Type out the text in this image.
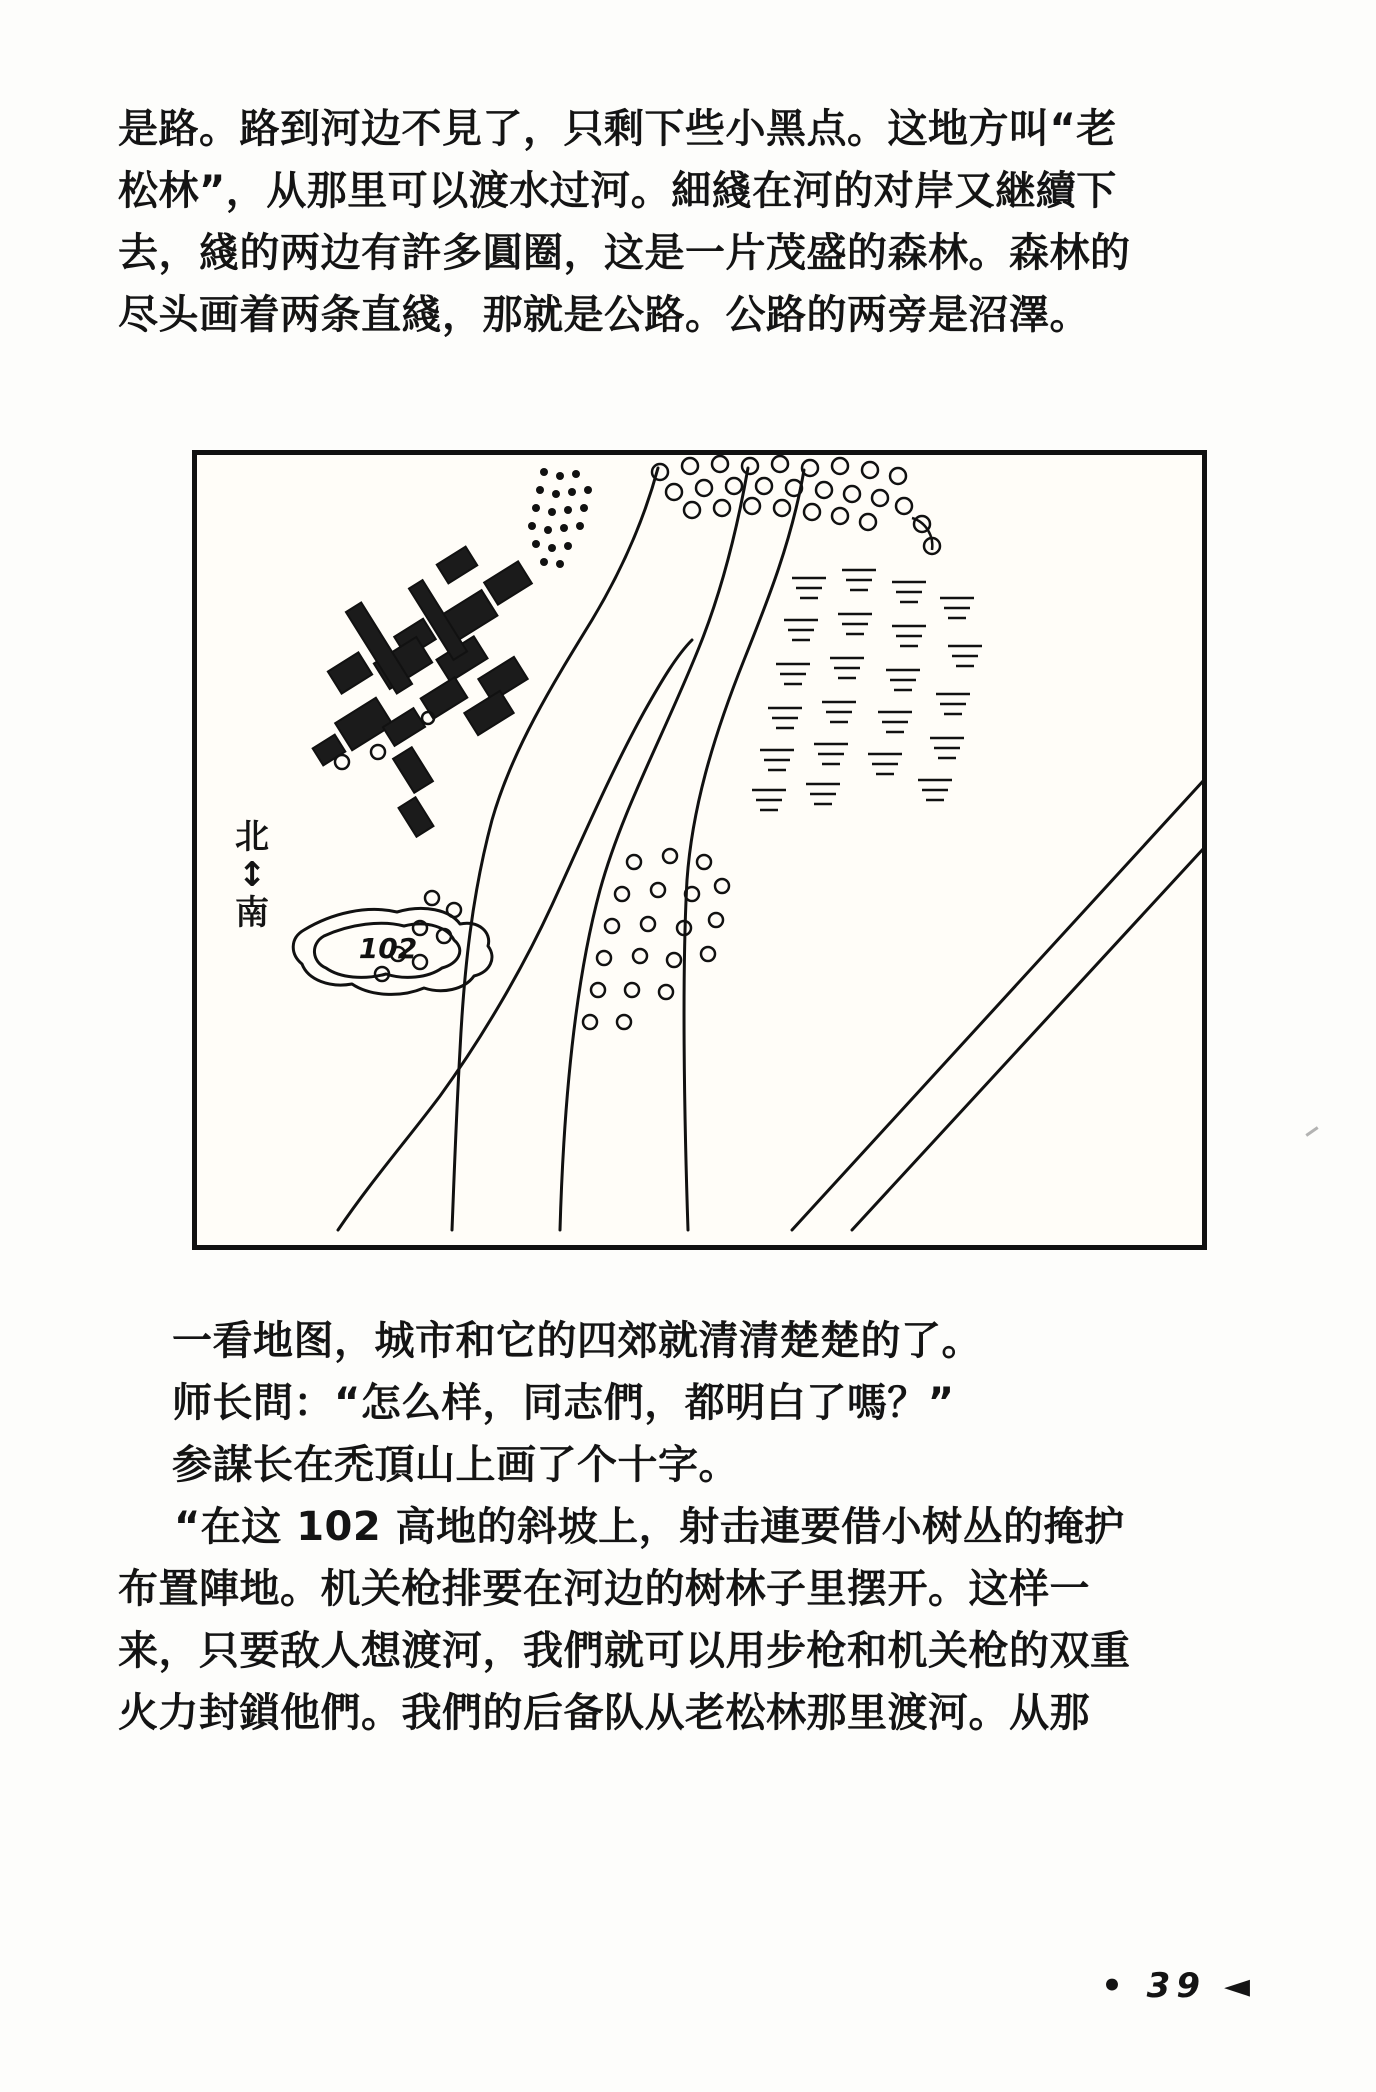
是路。路到河边不見了，只剩下些小黑点。这地方叫“老
松林”，从那里可以渡水过河。細綫在河的对岸又継續下
去，綫的两边有許多圓圈，这是一片茂盛的森林。森林的
尽头画着两条直綫，那就是公路。公路的两旁是沼澤。
102
北
↕
南
一看地图，城市和它的四郊就清清楚楚的了。
师长問：“怎么样，同志們，都明白了嗎？”
参謀长在禿頂山上画了个十字。
“在这 102 高地的斜坡上，射击連要借小树丛的掩护
布置陣地。机关枪排要在河边的树林子里摆开。这样一
来，只要敌人想渡河，我們就可以用步枪和机关枪的双重
火力封鎖他們。我們的后备队从老松林那里渡河。从那
• 39 ◄
